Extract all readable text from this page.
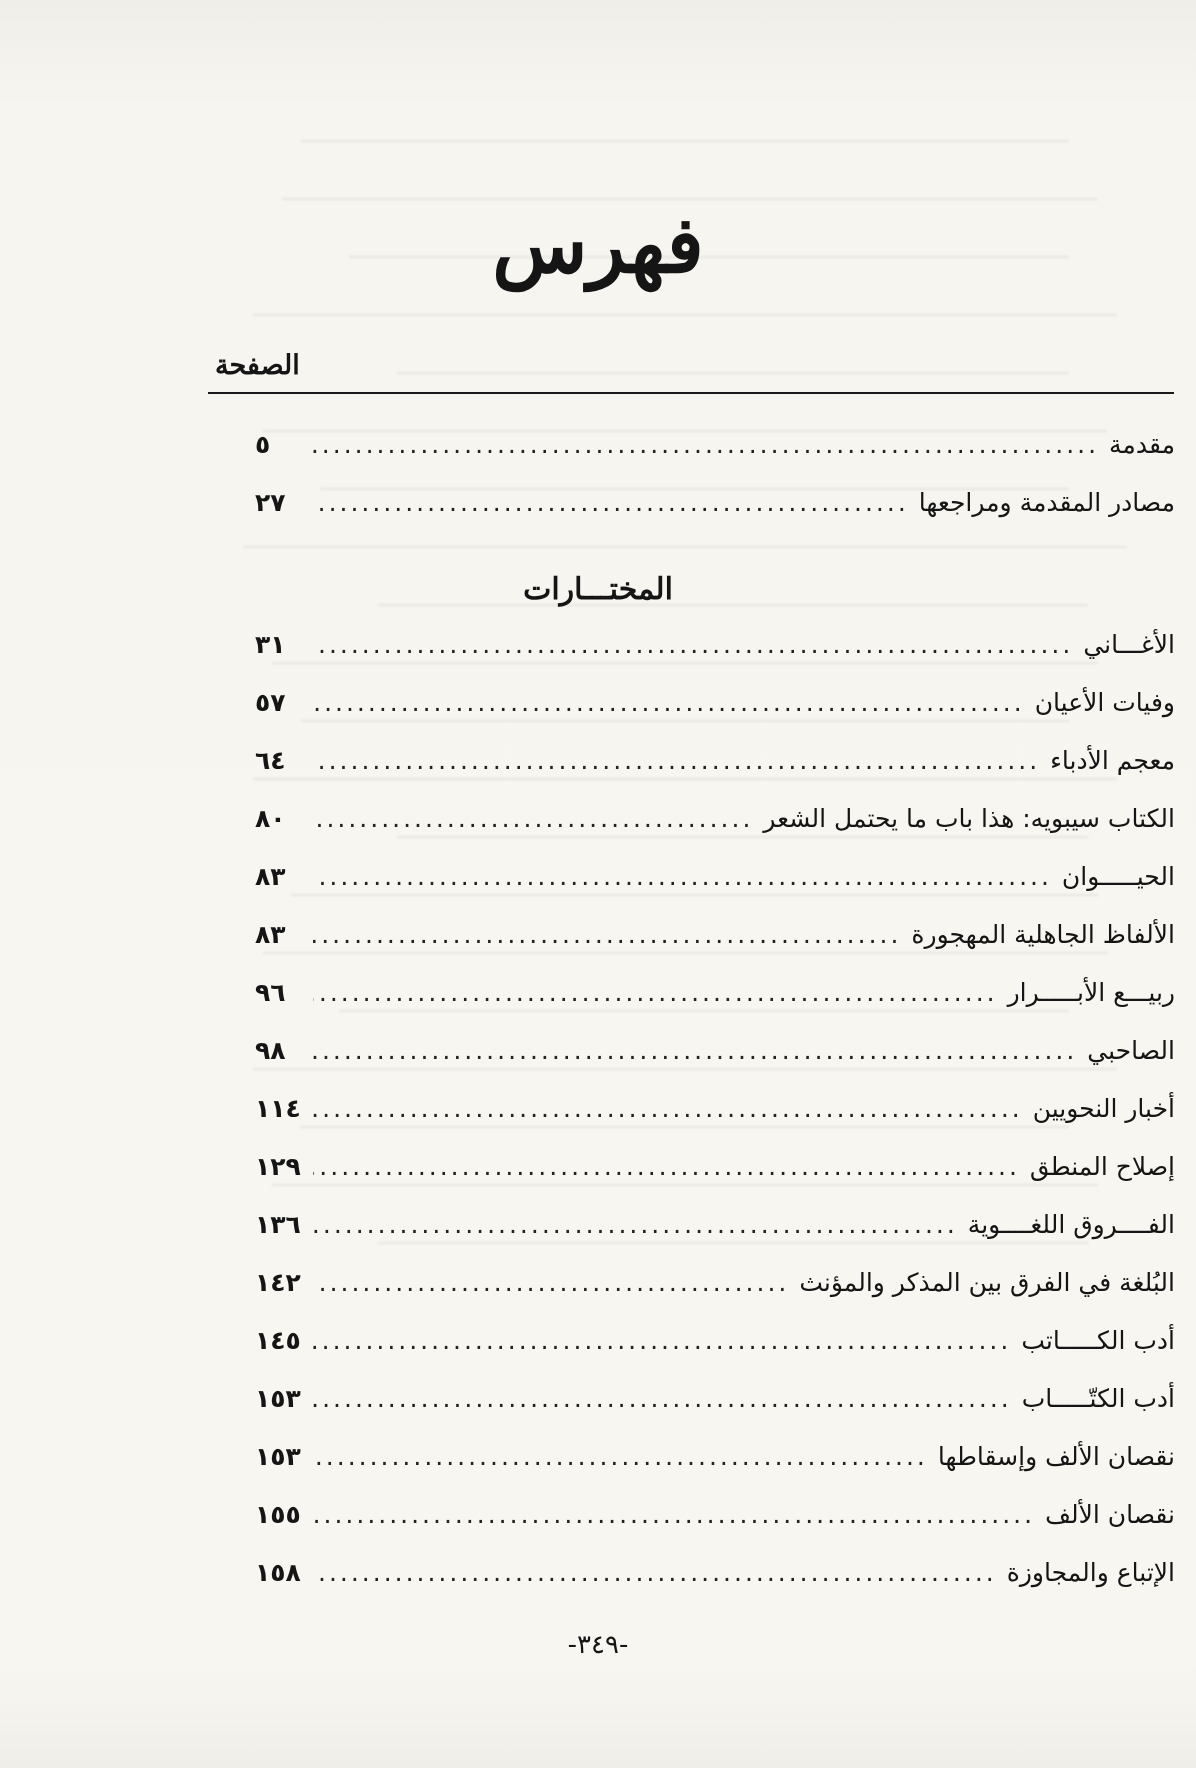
فهرس
الصفحة
مقدمة
.....
٥
مصادر المقدمة ومراجعها
.....
٢٧
المختـــارات
الأغـــاني
.....
٣١
وفيات الأعيان
.....
٥٧
معجم الأدباء
.....
٦٤
الكتاب سيبويه: هذا باب ما يحتمل الشعر
.....
٨٠
الحيـــــوان
.....
٨٣
الألفاظ الجاهلية المهجورة
.....
٨٣
ربيـــع الأبـــــرار
.....
٩٦
الصاحبي
.....
٩٨
أخبار النحويين
.....
١١٤
إصلاح المنطق
.....
١٢٩
الفــــروق اللغــــوية
.....
١٣٦
البُلغة في الفرق بين المذكر والمؤنث
.....
١٤٢
أدب الكـــــاتب
.....
١٤٥
أدب الكتّـــــاب
.....
١٥٣
نقصان الألف وإسقاطها
.....
١٥٣
نقصان الألف
.....
١٥٥
الإتباع والمجاوزة
.....
١٥٨
-٣٤٩-
